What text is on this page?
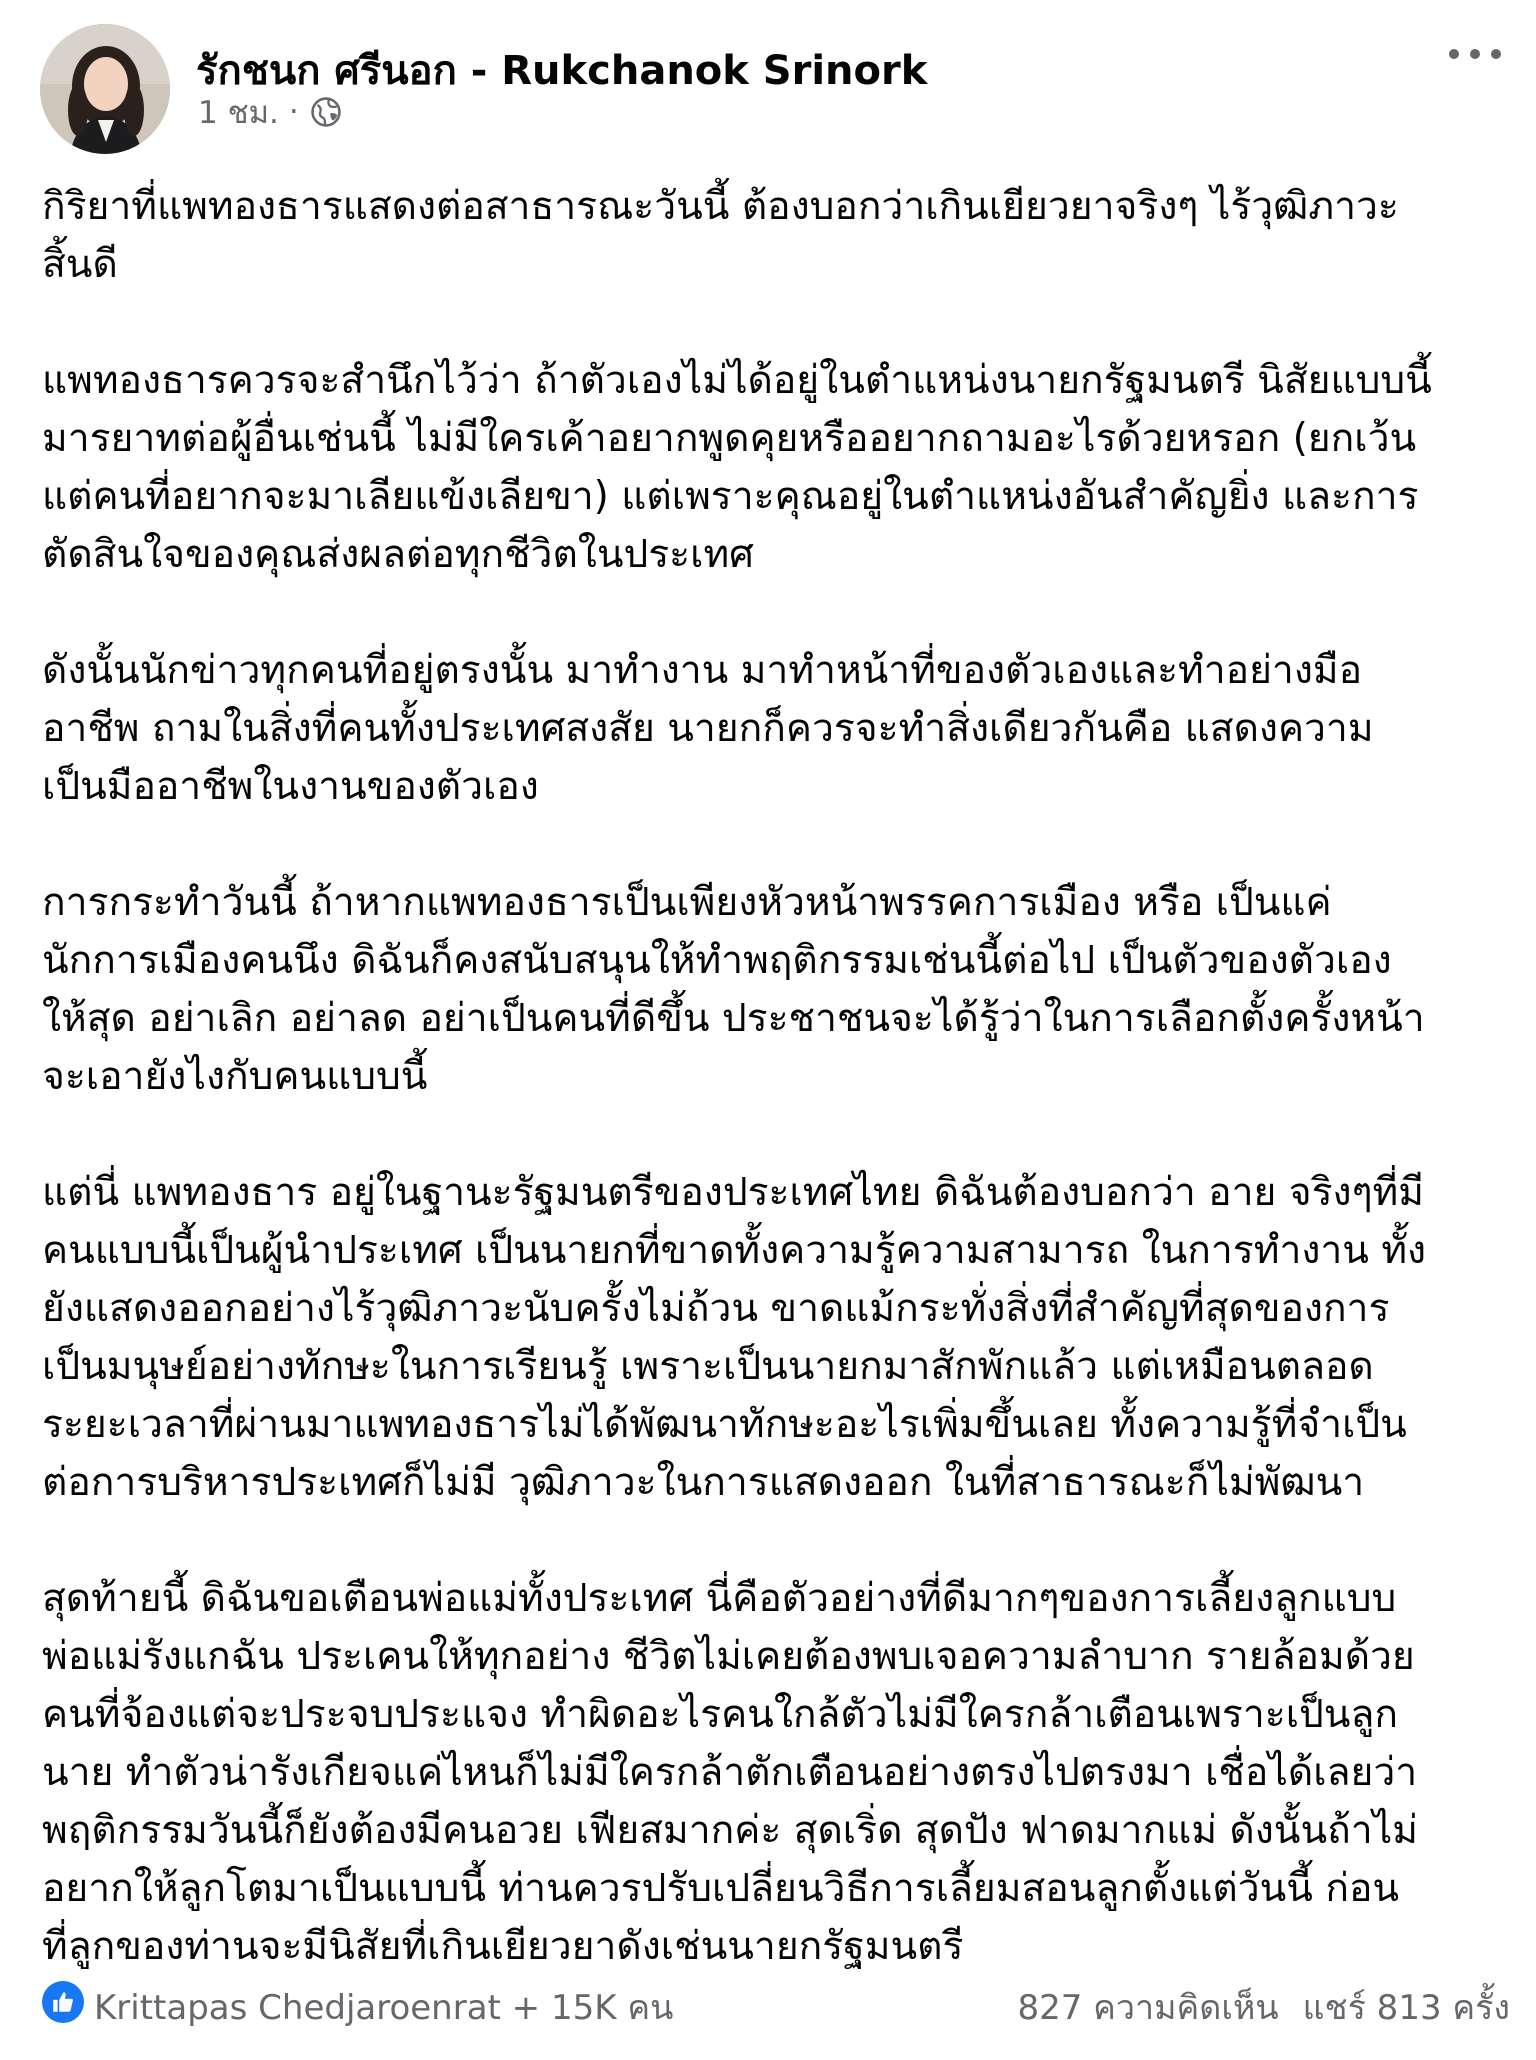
รักชนก ศรีนอก - Rukchanok Srinork
1 ชม. ·

กิริยาที่แพทองธารแสดงต่อสาธารณะวันนี้ ต้องบอกว่าเกินเยียวยาจริงๆ ไร้วุฒิภาวะ
สิ้นดี

แพทองธารควรจะสำนึกไว้ว่า ถ้าตัวเองไม่ได้อยู่ในตำแหน่งนายกรัฐมนตรี นิสัยแบบนี้
มารยาทต่อผู้อื่นเช่นนี้ ไม่มีใครเค้าอยากพูดคุยหรืออยากถามอะไรด้วยหรอก (ยกเว้น
แต่คนที่อยากจะมาเลียแข้งเลียขา) แต่เพราะคุณอยู่ในตำแหน่งอันสำคัญยิ่ง และการ
ตัดสินใจของคุณส่งผลต่อทุกชีวิตในประเทศ

ดังนั้นนักข่าวทุกคนที่อยู่ตรงนั้น มาทำงาน มาทำหน้าที่ของตัวเองและทำอย่างมือ
อาชีพ ถามในสิ่งที่คนทั้งประเทศสงสัย นายกก็ควรจะทำสิ่งเดียวกันคือ แสดงความ
เป็นมืออาชีพในงานของตัวเอง

การกระทำวันนี้ ถ้าหากแพทองธารเป็นเพียงหัวหน้าพรรคการเมือง หรือ เป็นแค่
นักการเมืองคนนึง ดิฉันก็คงสนับสนุนให้ทำพฤติกรรมเช่นนี้ต่อไป เป็นตัวของตัวเอง
ให้สุด อย่าเลิก อย่าลด อย่าเป็นคนที่ดีขึ้น ประชาชนจะได้รู้ว่าในการเลือกตั้งครั้งหน้า
จะเอายังไงกับคนแบบนี้

แต่นี่ แพทองธาร อยู่ในฐานะรัฐมนตรีของประเทศไทย ดิฉันต้องบอกว่า อาย จริงๆที่มี
คนแบบนี้เป็นผู้นำประเทศ เป็นนายกที่ขาดทั้งความรู้ความสามารถ ในการทำงาน ทั้ง
ยังแสดงออกอย่างไร้วุฒิภาวะนับครั้งไม่ถ้วน ขาดแม้กระทั่งสิ่งที่สำคัญที่สุดของการ
เป็นมนุษย์อย่างทักษะในการเรียนรู้ เพราะเป็นนายกมาสักพักแล้ว แต่เหมือนตลอด
ระยะเวลาที่ผ่านมาแพทองธารไม่ได้พัฒนาทักษะอะไรเพิ่มขึ้นเลย ทั้งความรู้ที่จำเป็น
ต่อการบริหารประเทศก็ไม่มี วุฒิภาวะในการแสดงออก ในที่สาธารณะก็ไม่พัฒนา

สุดท้ายนี้ ดิฉันขอเตือนพ่อแม่ทั้งประเทศ นี่คือตัวอย่างที่ดีมากๆของการเลี้ยงลูกแบบ
พ่อแม่รังแกฉัน ประเคนให้ทุกอย่าง ชีวิตไม่เคยต้องพบเจอความลำบาก รายล้อมด้วย
คนที่จ้องแต่จะประจบประแจง ทำผิดอะไรคนใกล้ตัวไม่มีใครกล้าเตือนเพราะเป็นลูก
นาย ทำตัวน่ารังเกียจแค่ไหนก็ไม่มีใครกล้าตักเตือนอย่างตรงไปตรงมา เชื่อได้เลยว่า
พฤติกรรมวันนี้ก็ยังต้องมีคนอวย เฟียสมากค่ะ สุดเริ่ด สุดปัง ฟาดมากแม่ ดังนั้นถ้าไม่
อยากให้ลูกโตมาเป็นแบบนี้ ท่านควรปรับเปลี่ยนวิธีการเลี้ยมสอนลูกตั้งแต่วันนี้ ก่อน
ที่ลูกของท่านจะมีนิสัยที่เกินเยียวยาดังเช่นนายกรัฐมนตรี

Krittapas Chedjaroenrat + 15K คน	827 ความคิดเห็น แชร์ 813 ครั้ง
